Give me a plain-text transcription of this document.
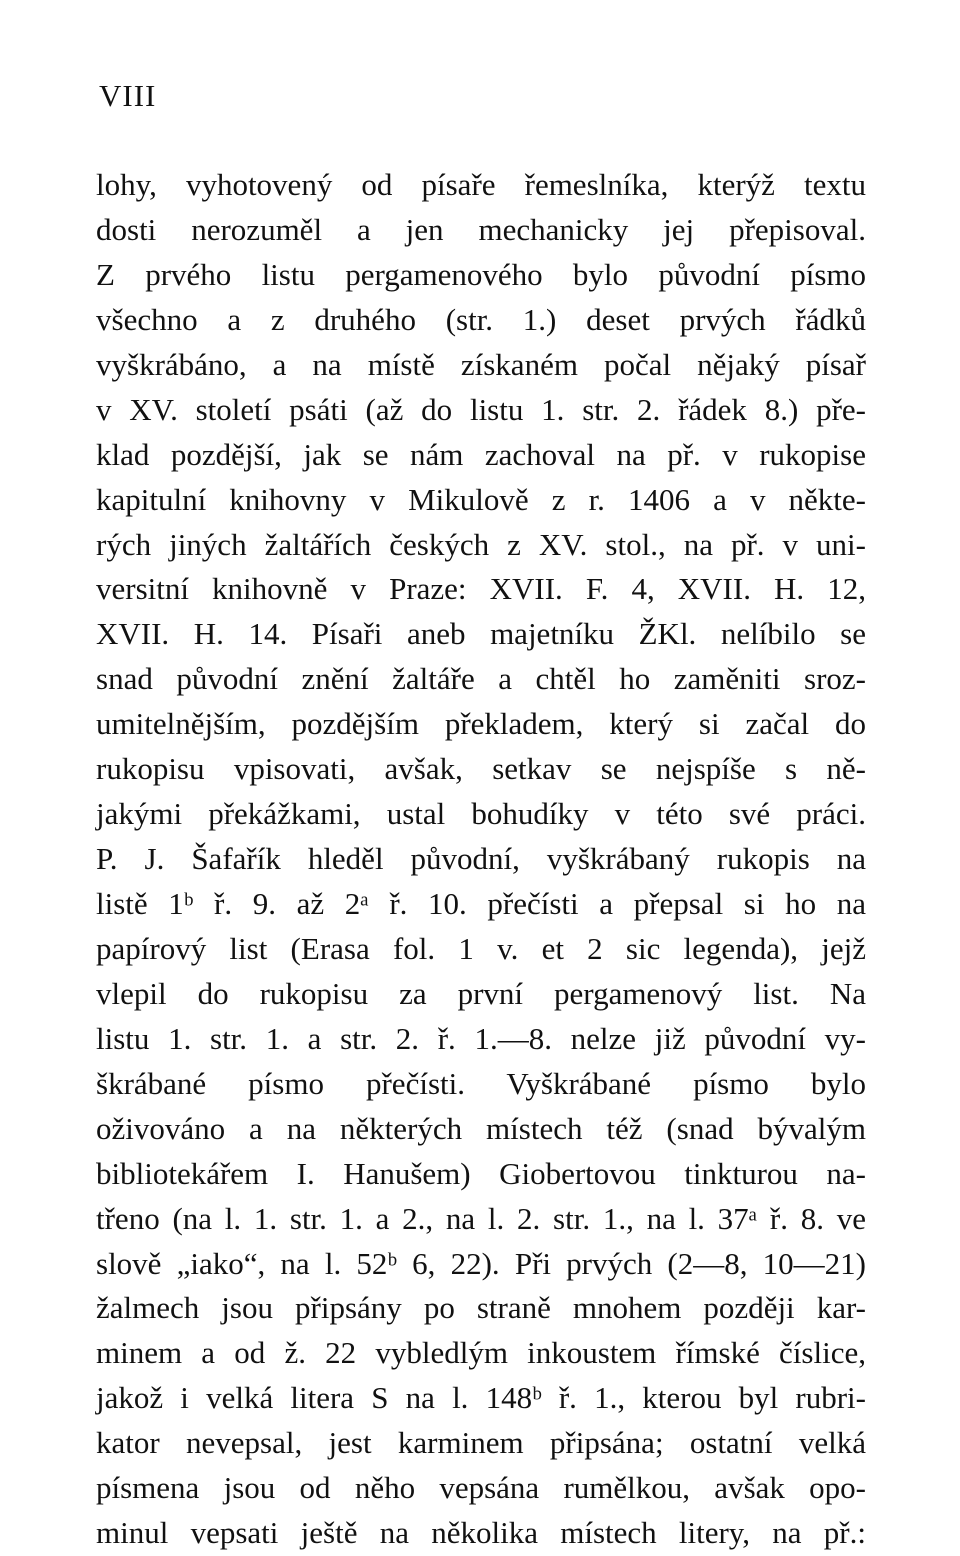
VIII
lohy, vyhotovený od písaře řemeslníka, kterýž textu
dosti nerozuměl a jen mechanicky jej přepisoval.
Z prvého listu pergamenového bylo původní písmo
všechno a z druhého (str. 1.) deset prvých řádků
vyškrábáno, a na místě získaném počal nějaký písař
v XV. století psáti (až do listu 1. str. 2. řádek 8.) pře-
klad pozdější, jak se nám zachoval na př. v rukopise
kapitulní knihovny v Mikulově z r. 1406 a v někte-
rých jiných žaltářích českých z XV. stol., na př. v uni-
versitní knihovně v Praze: XVII. F. 4, XVII. H. 12,
XVII. H. 14. Písaři aneb majetníku ŽKl. nelíbilo se
snad původní znění žaltáře a chtěl ho zaměniti sroz-
umitelnějším, pozdějším překladem, který si začal do
rukopisu vpisovati, avšak, setkav se nejspíše s ně-
jakými překážkami, ustal bohudíky v této své práci.
P. J. Šafařík hleděl původní, vyškrábaný rukopis na
listě 1ᵇ ř. 9. až 2ᵃ ř. 10. přečísti a přepsal si ho na
papírový list (Erasa fol. 1 v. et 2 sic legenda), jejž
vlepil do rukopisu za první pergamenový list. Na
listu 1. str. 1. a str. 2. ř. 1.—8. nelze již původní vy-
škrábané písmo přečísti. Vyškrábané písmo bylo
oživováno a na některých místech též (snad bývalým
bibliotekářem I. Hanušem) Giobertovou tinkturou na-
třeno (na l. 1. str. 1. a 2., na l. 2. str. 1., na l. 37ᵃ ř. 8. ve
slově „iako“, na l. 52ᵇ 6, 22). Při prvých (2—8, 10—21)
žalmech jsou připsány po straně mnohem později kar-
minem a od ž. 22 vybledlým inkoustem římské číslice,
jakož i velká litera S na l. 148ᵇ ř. 1., kterou byl rubri-
kator nevepsal, jest karminem připsána; ostatní velká
písmena jsou od něho vepsána rumělkou, avšak opo-
minul vepsati ještě na několika místech litery, na př.:
